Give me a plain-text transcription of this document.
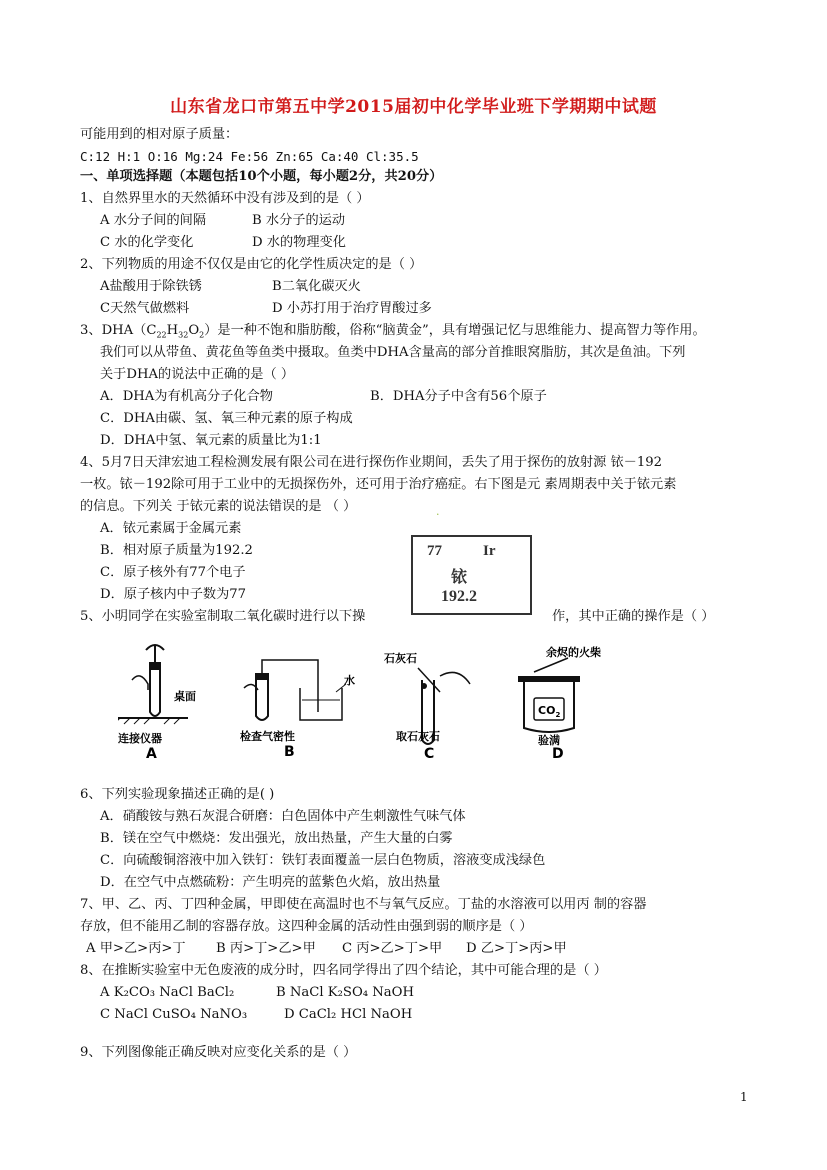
山东省龙口市第五中学2015届初中化学毕业班下学期期中试题
可能用到的相对原子质量：
C:12 H:1 O:16 Mg:24 Fe:56 Zn:65 Ca:40 Cl:35.5
一、单项选择题（本题包括10个小题，每小题2分，共20分）
1、自然界里水的天然循环中没有涉及到的是（ ）
A 水分子间的间隔	B 水分子的运动
C 水的化学变化	D 水的物理变化
2、下列物质的用途不仅仅是由它的化学性质决定的是（ ）
A盐酸用于除铁锈	B二氧化碳灭火
C天然气做燃料	D 小苏打用于治疗胃酸过多
3、$DHA(C_{22}H_{32}O_2)$是一种不饱和脂肪酸，俗称“脑黄金”，具有增强记忆与思维能力、提高智力等作用。
我们可以从带鱼、黄花鱼等鱼类中摄取。鱼类中DHA含量高的部分首推眼窝脂肪，其次是鱼油。下列
关于DHA的说法中正确的是（ ）
A．DHA为有机高分子化合物	B．DHA分子中含有56个原子
C．DHA由碳、氢、氧三种元素的原子构成
D．DHA中氢、氧元素的质量比为1:1
4、5月7日天津宏迪工程检测发展有限公司在进行探伤作业期间，丢失了用于探伤的放射源 铱－192
一枚。铱－192除可用于工业中的无损探伤外，还可用于治疗癌症。右下图是元 素周期表中关于铱元素
的信息。下列关 于铱元素的说法错误的是 （ ）	.
A．铱元素属于金属元素
B．相对原子质量为192.2
C．原子核外有77个电子
D．原子核内中子数为77
77	Ir
铱
192.2
5、小明同学在实验室制取二氧化碳时进行以下操	作，其中正确的操作是（ ）
桌面
连接仪器
A
水
检查气密性
B
石灰石
取石灰石
C
余烬的火柴
$CO_2$
验满
D
6、下列实验现象描述正确的是( )
A．硝酸铵与熟石灰混合研磨：白色固体中产生刺激性气味气体
B．镁在空气中燃烧：发出强光，放出热量，产生大量的白雾
C．向硫酸铜溶液中加入铁钉：铁钉表面覆盖一层白色物质，溶液变成浅绿色
D．在空气中点燃硫粉：产生明亮的蓝紫色火焰，放出热量
7、甲、乙、丙、丁四种金属，甲即使在高温时也不与氧气反应。丁盐的水溶液可以用丙 制的容器
存放，但不能用乙制的容器存放。这四种金属的活动性由强到弱的顺序是（ ）
A 甲>乙>丙>丁 B 丙>丁>乙>甲 C 丙>乙>丁>甲 D 乙>丁>丙>甲
8、在推断实验室中无色废液的成分时，四名同学得出了四个结论，其中可能合理的是（ ）
A K₂CO₃ NaCl BaCl₂	B NaCl K₂SO₄ NaOH
C NaCl CuSO₄ NaNO₃	D CaCl₂ HCl NaOH
9、下列图像能正确反映对应变化关系的是（ ）
1
